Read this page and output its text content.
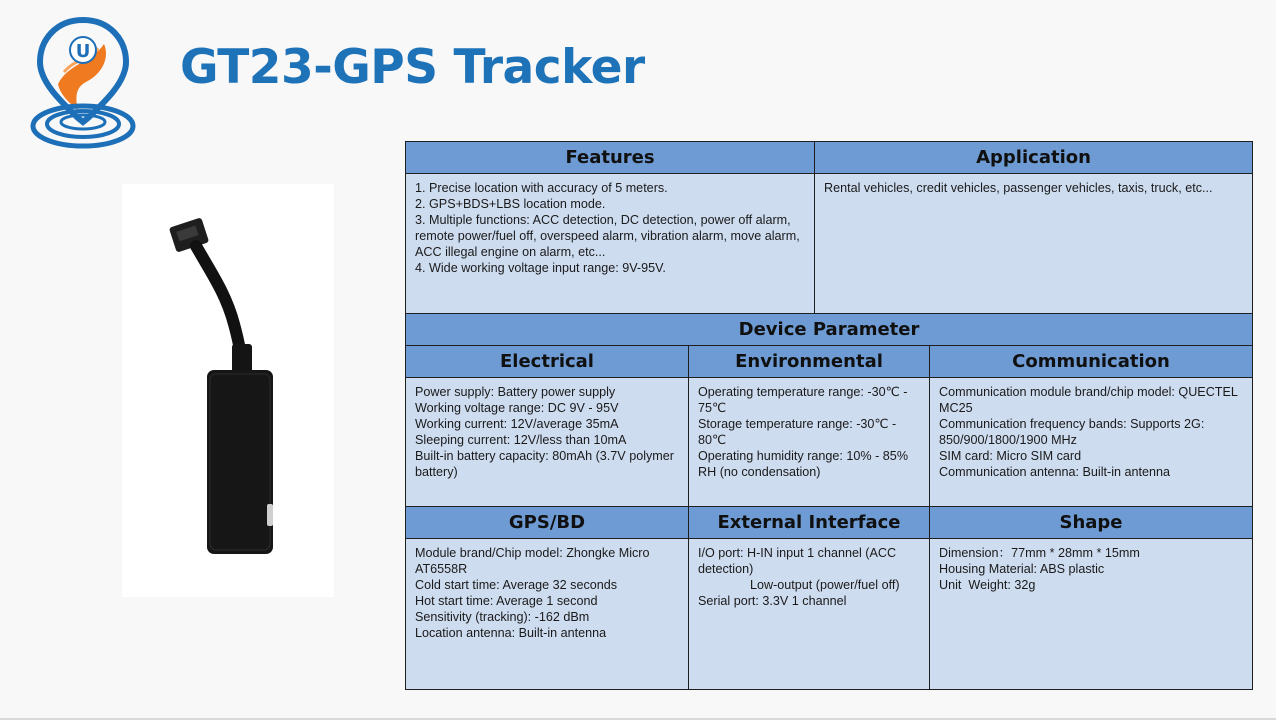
U GT23-GPS Tracker
Features		Application	

1. Precise location with accuracy of 5 meters.
2. GPS+BDS+LBS location mode.
3. Multiple functions: ACC detection, DC detection, power off alarm, remote power/fuel off, overspeed alarm, vibration alarm, move alarm, ACC illegal engine on alarm, etc...
4. Wide working voltage input range: 9V-95V.		Rental vehicles, credit vehicles, passenger vehicles, taxis, truck, etc...	

Device Parameter			
Electrical	Environmental		Communication

Power supply: Battery power supply
Working voltage range: DC 9V - 95V
Working current: 12V/average 35mA
Sleeping current: 12V/less than 10mA
Built-in battery capacity: 80mAh (3.7V polymer battery)	Operating temperature range: -30℃ - 75℃
Storage temperature range: -30℃ - 80℃
Operating humidity range: 10% - 85% RH (no condensation)		Communication module brand/chip model: QUECTEL MC25
Communication frequency bands: Supports 2G: 850/900/1800/1900 MHz
SIM card: Micro SIM card
Communication antenna: Built-in antenna

GPS/BD	External Interface		Shape

Module brand/Chip model: Zhongke Micro AT6558R
Cold start time: Average 32 seconds
Hot start time: Average 1 second
Sensitivity (tracking): -162 dBm
Location antenna: Built-in antenna	I/O port: H-IN input 1 channel (ACC detection)
Low-output (power/fuel off)
Serial port: 3.3V 1 channel		Dimension：77mm * 28mm * 15mm
Housing Material: ABS plastic
Unit  Weight: 32g
